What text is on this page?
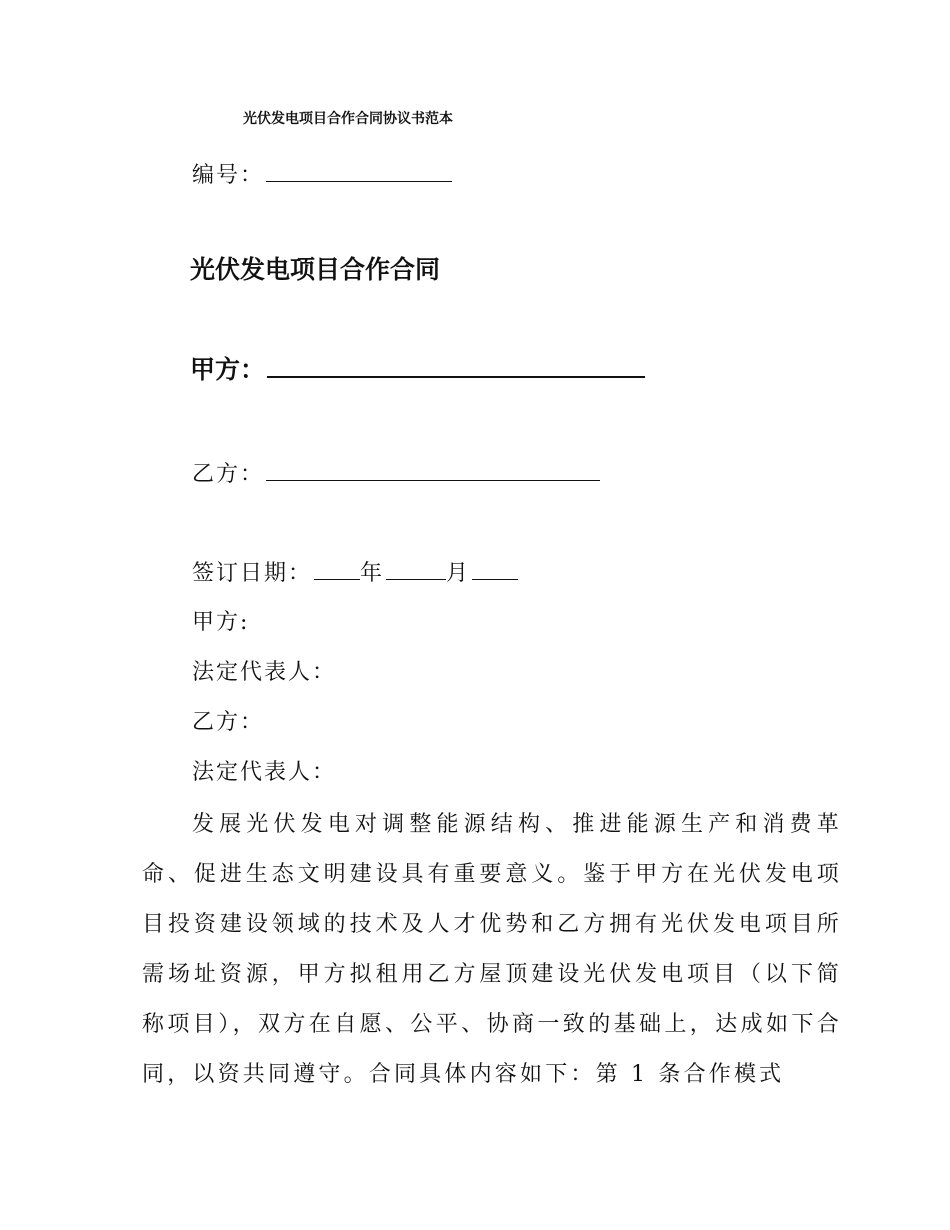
光伏发电项目合作合同协议书范本
编号：
光伏发电项目合作合同
甲方：
乙方：
签订日期： 年	月
甲方:
法定代表人：
乙方：
法定代表人：
发展光伏发电对调整能源结构、推进能源生产和消费革命、促进生态文明建设具有重要意义。鉴于甲方在光伏发电项目投资建设领域的技术及人才优势和乙方拥有光伏发电项目所需场址资源，甲方拟租用乙方屋顶建设光伏发电项目（以下简称项目），双方在自愿、公平、协商一致的基础上，达成如下合同，以资共同遵守。合同具体内容如下：第 1 条合作模式
